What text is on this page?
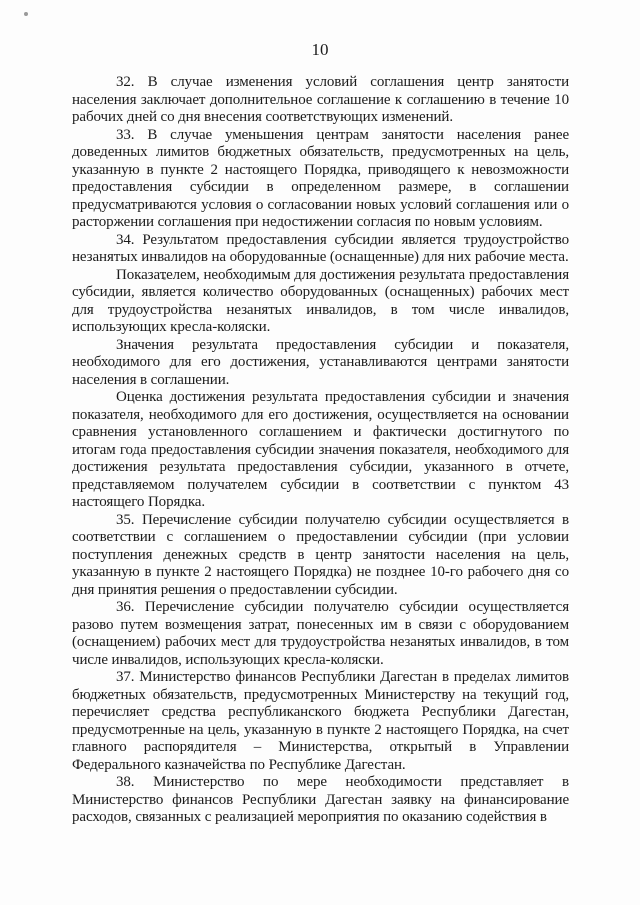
10

32. В случае изменения условий соглашения центр занятости населения заключает дополнительное соглашение к соглашению в течение 10 рабочих дней со дня внесения соответствующих изменений.

33. В случае уменьшения центрам занятости населения ранее доведенных лимитов бюджетных обязательств, предусмотренных на цель, указанную в пункте 2 настоящего Порядка, приводящего к невозможности предоставления субсидии в определенном размере, в соглашении предусматриваются условия о согласовании новых условий соглашения или о расторжении соглашения при недостижении согласия по новым условиям.

34. Результатом предоставления субсидии является трудоустройство незанятых инвалидов на оборудованные (оснащенные) для них рабочие места.

Показателем, необходимым для достижения результата предоставления субсидии, является количество оборудованных (оснащенных) рабочих мест для трудоустройства незанятых инвалидов, в том числе инвалидов, использующих кресла-коляски.

Значения результата предоставления субсидии и показателя, необходимого для его достижения, устанавливаются центрами занятости населения в соглашении.

Оценка достижения результата предоставления субсидии и значения показателя, необходимого для его достижения, осуществляется на основании сравнения установленного соглашением и фактически достигнутого по итогам года предоставления субсидии значения показателя, необходимого для достижения результата предоставления субсидии, указанного в отчете, представляемом получателем субсидии в соответствии с пунктом 43 настоящего Порядка.

35. Перечисление субсидии получателю субсидии осуществляется в соответствии с соглашением о предоставлении субсидии (при условии поступления денежных средств в центр занятости населения на цель, указанную в пункте 2 настоящего Порядка) не позднее 10-го рабочего дня со дня принятия решения о предоставлении субсидии.

36. Перечисление субсидии получателю субсидии осуществляется разово путем возмещения затрат, понесенных им в связи с оборудованием (оснащением) рабочих мест для трудоустройства незанятых инвалидов, в том числе инвалидов, использующих кресла-коляски.

37. Министерство финансов Республики Дагестан в пределах лимитов бюджетных обязательств, предусмотренных Министерству на текущий год, перечисляет средства республиканского бюджета Республики Дагестан, предусмотренные на цель, указанную в пункте 2 настоящего Порядка, на счет главного распорядителя – Министерства, открытый в Управлении Федерального казначейства по Республике Дагестан.

38. Министерство по мере необходимости представляет в Министерство финансов Республики Дагестан заявку на финансирование расходов, связанных с реализацией мероприятия по оказанию содействия в
